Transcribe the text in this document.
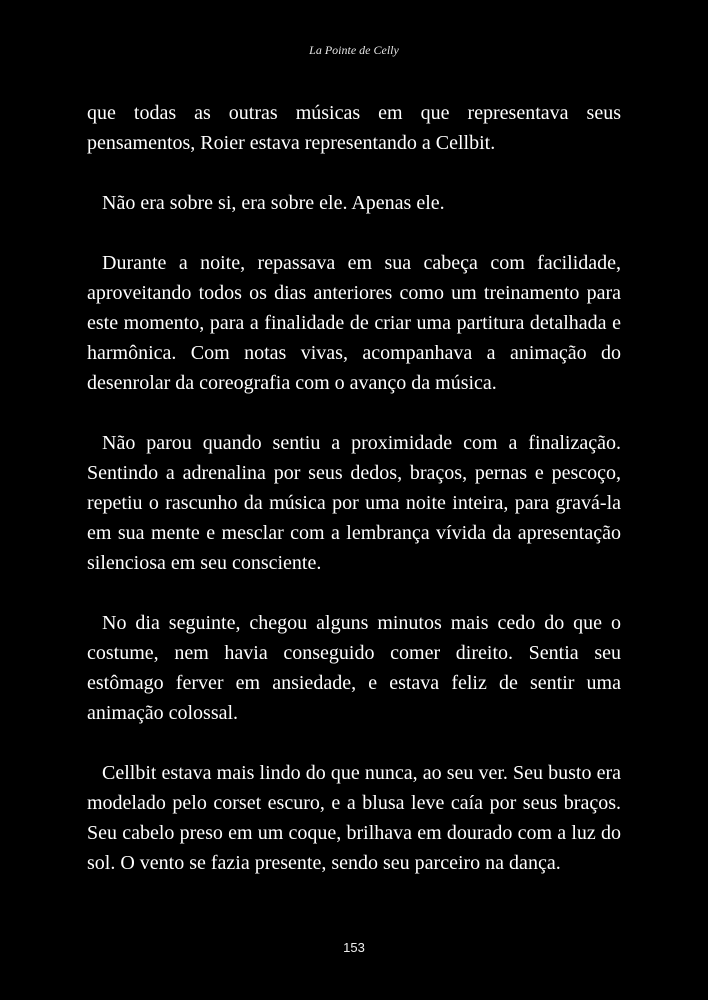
La Pointe de Celly

que todas as outras músicas em que representava seus pensamentos, Roier estava representando a Cellbit.

Não era sobre si, era sobre ele. Apenas ele.

Durante a noite, repassava em sua cabeça com facilidade, aproveitando todos os dias anteriores como um treinamento para este momento, para a finalidade de criar uma partitura detalhada e harmônica. Com notas vivas, acompanhava a animação do desenrolar da coreografia com o avanço da música.

Não parou quando sentiu a proximidade com a finalização. Sentindo a adrenalina por seus dedos, braços, pernas e pescoço, repetiu o rascunho da música por uma noite inteira, para gravá-la em sua mente e mesclar com a lembrança vívida da apresentação silenciosa em seu consciente.

No dia seguinte, chegou alguns minutos mais cedo do que o costume, nem havia conseguido comer direito. Sentia seu estômago ferver em ansiedade, e estava feliz de sentir uma animação colossal.

Cellbit estava mais lindo do que nunca, ao seu ver. Seu busto era modelado pelo corset escuro, e a blusa leve caía por seus braços. Seu cabelo preso em um coque, brilhava em dourado com a luz do sol. O vento se fazia presente, sendo seu parceiro na dança.

153
